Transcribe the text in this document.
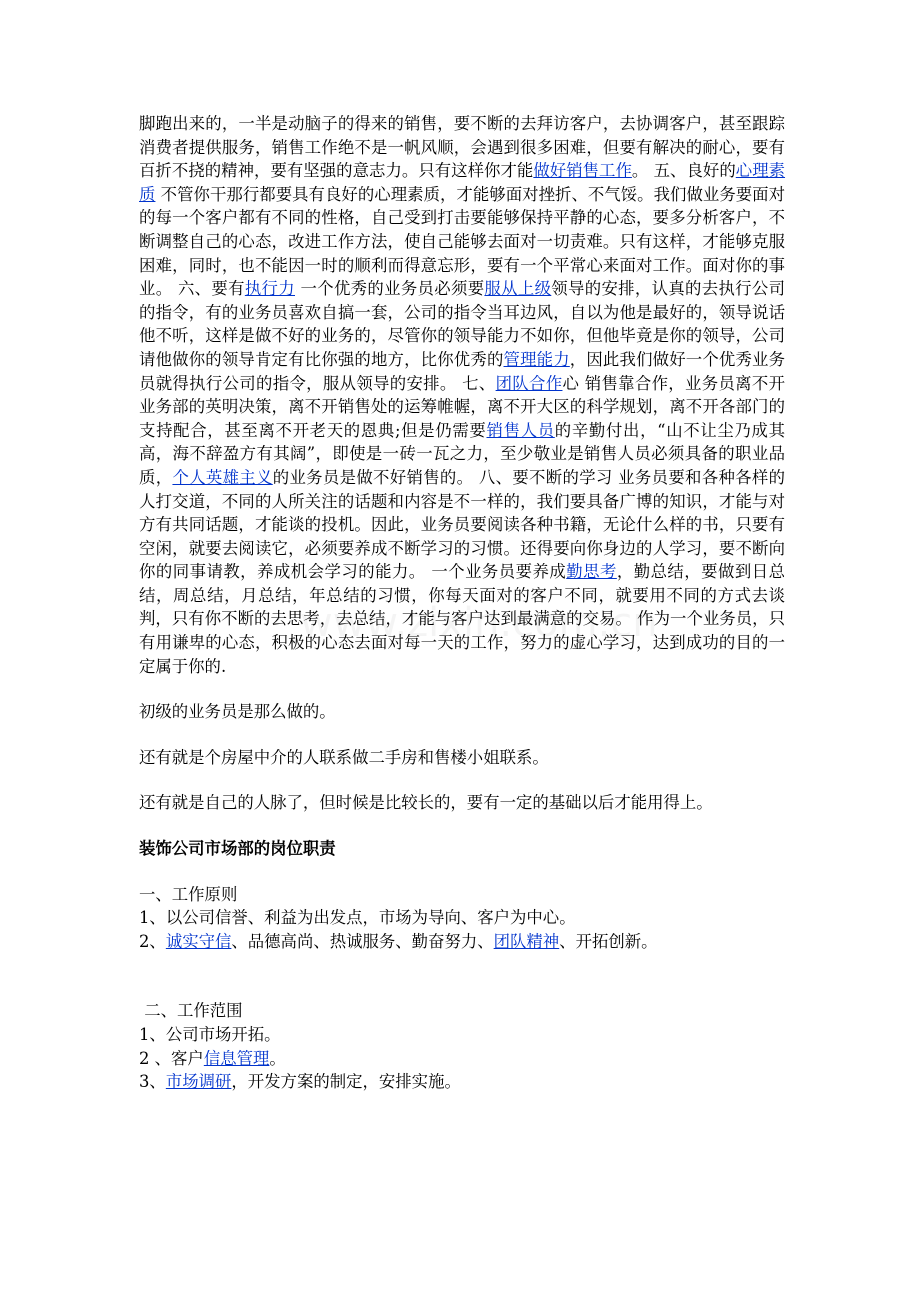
脚跑出来的，一半是动脑子的得来的销售，要不断的去拜访客户，去协调客户，甚至跟踪消费者提供服务，销售工作绝不是一帆风顺，会遇到很多困难，但要有解决的耐心，要有百折不挠的精神，要有坚强的意志力。只有这样你才能做好销售工作。 五、良好的心理素质 不管你干那行都要具有良好的心理素质，才能够面对挫折、不气馁。我们做业务要面对的每一个客户都有不同的性格，自己受到打击要能够保持平静的心态，要多分析客户，不断调整自己的心态，改进工作方法，使自己能够去面对一切责难。只有这样，才能够克服困难，同时，也不能因一时的顺利而得意忘形，要有一个平常心来面对工作。面对你的事业。 六、要有执行力 一个优秀的业务员必须要服从上级领导的安排，认真的去执行公司的指令，有的业务员喜欢自搞一套，公司的指令当耳边风，自以为他是最好的，领导说话他不听，这样是做不好的业务的，尽管你的领导能力不如你，但他毕竟是你的领导，公司请他做你的领导肯定有比你强的地方，比你优秀的管理能力，因此我们做好一个优秀业务员就得执行公司的指令，服从领导的安排。 七、团队合作心 销售靠合作，业务员离不开业务部的英明决策，离不开销售处的运筹帷幄，离不开大区的科学规划，离不开各部门的支持配合，甚至离不开老天的恩典;但是仍需要销售人员的辛勤付出，“山不让尘乃成其高，海不辞盈方有其阔”，即使是一砖一瓦之力，至少敬业是销售人员必须具备的职业品质，个人英雄主义的业务员是做不好销售的。 八、要不断的学习 业务员要和各种各样的人打交道，不同的人所关注的话题和内容是不一样的，我们要具备广博的知识，才能与对方有共同话题，才能谈的投机。因此，业务员要阅读各种书籍，无论什么样的书，只要有空闲，就要去阅读它，必须要养成不断学习的习惯。还得要向你身边的人学习，要不断向你的同事请教，养成机会学习的能力。 一个业务员要养成勤思考，勤总结，要做到日总结，周总结，月总结，年总结的习惯，你每天面对的客户不同，就要用不同的方式去谈判，只有你不断的去思考，去总结，才能与客户达到最满意的交易。 作为一个业务员，只有用谦卑的心态，积极的心态去面对每一天的工作，努力的虚心学习，达到成功的目的一定属于你的.

初级的业务员是那么做的。

还有就是个房屋中介的人联系做二手房和售楼小姐联系。

还有就是自己的人脉了，但时候是比较长的，要有一定的基础以后才能用得上。

装饰公司市场部的岗位职责

一、工作原则

1、以公司信誉、利益为出发点，市场为导向、客户为中心。

2、诚实守信、品德高尚、热诚服务、勤奋努力、团队精神、开拓创新。

二、工作范围

1、公司市场开拓。

2 、客户信息管理。

3、市场调研，开发方案的制定，安排实施。
